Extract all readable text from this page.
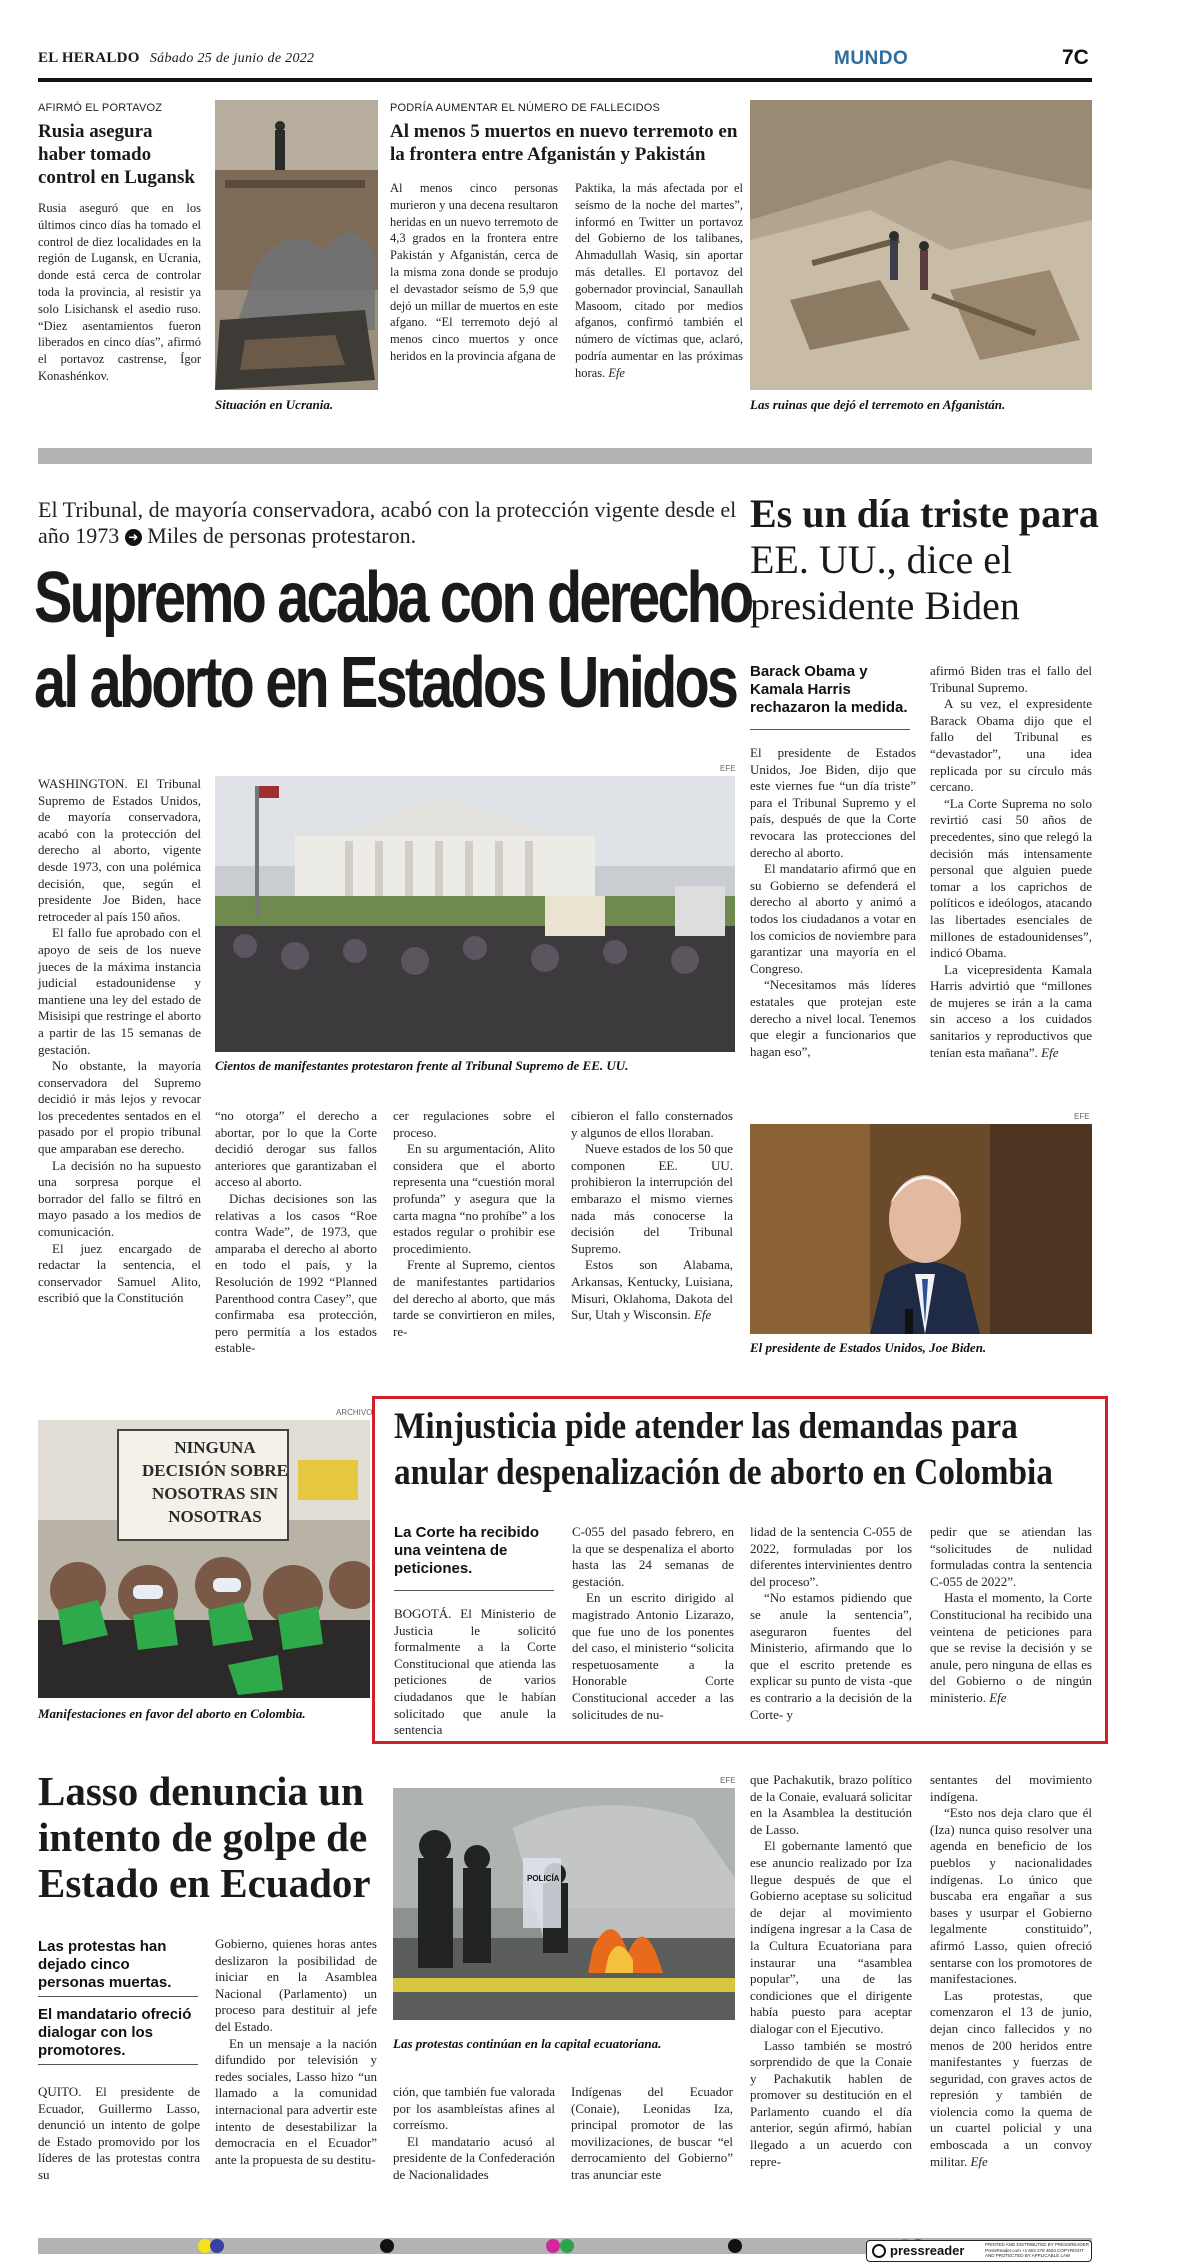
EL HERALDO Sábado 25 de junio de 2022	MUNDO	7C
AFIRMÓ EL PORTAVOZ
Rusia asegura haber tomado control en Lugansk
Rusia aseguró que en los últimos cinco días ha tomado el control de diez localidades en la región de Lugansk, en Ucrania, donde está cerca de controlar toda la provincia, al resistir ya solo Lisichansk el asedio ruso. “Diez asentamientos fueron liberados en cinco días”, afirmó el portavoz castrense, Ígor Konashénkov.
Situación en Ucrania.
PODRÍA AUMENTAR EL NÚMERO DE FALLECIDOS
Al menos 5 muertos en nuevo terremoto en la frontera entre Afganistán y Pakistán
Al menos cinco personas murieron y una decena resultaron heridas en un nuevo terremoto de 4,3 grados en la frontera entre Pakistán y Afganistán, cerca de la misma zona donde se produjo el devastador seísmo de 5,9 que dejó un millar de muertos en este afgano. “El terremoto dejó al menos cinco muertos y once heridos en la provincia afgana de
Paktika, la más afectada por el seísmo de la noche del martes”, informó en Twitter un portavoz del Gobierno de los talibanes, Ahmadullah Wasiq, sin aportar más detalles. El portavoz del gobernador provincial, Sanaullah Masoom, citado por medios afganos, confirmó también el número de víctimas que, aclaró, podría aumentar en las próximas horas. Efe
Las ruinas que dejó el terremoto en Afganistán.
El Tribunal, de mayoría conservadora, acabó con la protección vigente desde el año 1973 ➜ Miles de personas protestaron.
Supremo acaba con derecho
al aborto en Estados Unidos
EFE
Cientos de manifestantes protestaron frente al Tribunal Supremo de EE. UU.

WASHINGTON. El Tribunal Supremo de Estados Unidos, de mayoría conservadora, acabó con la protección del derecho al aborto, vigente desde 1973, con una polémica decisión, que, según el presidente Joe Biden, hace retroceder al país 150 años.

El fallo fue aprobado con el apoyo de seis de los nueve jueces de la máxima instancia judicial estadounidense y mantiene una ley del estado de Misisipi que restringe el aborto a partir de las 15 semanas de gestación.

No obstante, la mayoría conservadora del Supremo decidió ir más lejos y revocar los precedentes sentados en el pasado por el propio tribunal que amparaban ese derecho.

La decisión no ha supuesto una sorpresa porque el borrador del fallo se filtró en mayo pasado a los medios de comunicación.

El juez encargado de redactar la sentencia, el conservador Samuel Alito, escribió que la Constitución

“no otorga” el derecho a abortar, por lo que la Corte decidió derogar sus fallos anteriores que garantizaban el acceso al aborto.

Dichas decisiones son las relativas a los casos “Roe contra Wade”, de 1973, que amparaba el derecho al aborto en todo el país, y la Resolución de 1992 “Planned Parenthood contra Casey”, que confirmaba esa protección, pero permitía a los estados estable-

cer regulaciones sobre el proceso.

En su argumentación, Alito considera que el aborto representa una “cuestión moral profunda” y asegura que la carta magna “no prohíbe” a los estados regular o prohibir ese procedimiento.

Frente al Supremo, cientos de manifestantes partidarios del derecho al aborto, que más tarde se convirtieron en miles, re-

cibieron el fallo consternados y algunos de ellos lloraban.

Nueve estados de los 50 que componen EE. UU. prohibieron la interrupción del embarazo el mismo viernes nada más conocerse la decisión del Tribunal Supremo.

Estos son Alabama, Arkansas, Kentucky, Luisiana, Misuri, Oklahoma, Dakota del Sur, Utah y Wisconsin. Efe

Es un día triste para
EE. UU., dice el
presidente Biden
Barack Obama y Kamala Harris rechazaron la medida.

El presidente de Estados Unidos, Joe Biden, dijo que este viernes fue “un día triste” para el Tribunal Supremo y el país, después de que la Corte revocara las protecciones del derecho al aborto.

El mandatario afirmó que en su Gobierno se defenderá el derecho al aborto y animó a todos los ciudadanos a votar en los comicios de noviembre para garantizar una mayoría en el Congreso.

“Necesitamos más líderes estatales que protejan este derecho a nivel local. Tenemos que elegir a funcionarios que hagan eso”,

afirmó Biden tras el fallo del Tribunal Supremo.

A su vez, el expresidente Barack Obama dijo que el fallo del Tribunal es “devastador”, una idea replicada por su círculo más cercano.

“La Corte Suprema no solo revirtió casi 50 años de precedentes, sino que relegó la decisión más intensamente personal que alguien puede tomar a los caprichos de políticos e ideólogos, atacando las libertades esenciales de millones de estadounidenses”, indicó Obama.

La vicepresidenta Kamala Harris advirtió que “millones de mujeres se irán a la cama sin acceso a los cuidados sanitarios y reproductivos que tenían esta mañana”. Efe

EFE
El presidente de Estados Unidos, Joe Biden.
ARCHIVO
NINGUNA DECISIÓN SOBRE NOSOTRAS SIN NOSOTRAS
Manifestaciones en favor del aborto en Colombia.
Minjusticia pide atender las demandas para
anular despenalización de aborto en Colombia
La Corte ha recibido una veintena de peticiones.
BOGOTÁ. El Ministerio de Justicia le solicitó formalmente a la Corte Constitucional que atienda las peticiones de varios ciudadanos que le habían solicitado que anule la sentencia

C-055 del pasado febrero, en la que se despenaliza el aborto hasta las 24 semanas de gestación.

En un escrito dirigido al magistrado Antonio Lizarazo, que fue uno de los ponentes del caso, el ministerio “solicita respetuosamente a la Honorable Corte Constitucional acceder a las solicitudes de nu-

lidad de la sentencia C-055 de 2022, formuladas por los diferentes intervinientes dentro del proceso”.

“No estamos pidiendo que se anule la sentencia”, aseguraron fuentes del Ministerio, afirmando que lo que el escrito pretende es explicar su punto de vista -que es contrario a la decisión de la Corte- y

pedir que se atiendan las “solicitudes de nulidad formuladas contra la sentencia C-055 de 2022”.

Hasta el momento, la Corte Constitucional ha recibido una veintena de peticiones para que se revise la decisión y se anule, pero ninguna de ellas es del Gobierno o de ningún ministerio. Efe

Lasso denuncia un
intento de golpe de
Estado en Ecuador
Las protestas han dejado cinco personas muertas.
El mandatario ofreció dialogar con los promotores.
QUITO. El presidente de Ecuador, Guillermo Lasso, denunció un intento de golpe de Estado promovido por los líderes de las protestas contra su
EFE
POLICÍA
Las protestas continúan en la capital ecuatoriana.

Gobierno, quienes horas antes deslizaron la posibilidad de iniciar en la Asamblea Nacional (Parlamento) un proceso para destituir al jefe del Estado.

En un mensaje a la nación difundido por televisión y redes sociales, Lasso hizo “un llamado a la comunidad internacional para advertir este intento de desestabilizar la democracia en el Ecuador” ante la propuesta de su destitu-

ción, que también fue valorada por los asambleístas afines al correísmo.

El mandatario acusó al presidente de la Confederación de Nacionalidades

Indígenas del Ecuador (Conaie), Leonidas Iza, principal promotor de las movilizaciones, de buscar “el derrocamiento del Gobierno” tras anunciar este

que Pachakutik, brazo político de la Conaie, evaluará solicitar en la Asamblea la destitución de Lasso.

El gobernante lamentó que ese anuncio realizado por Iza llegue después de que el Gobierno aceptase su solicitud de dejar al movimiento indígena ingresar a la Casa de la Cultura Ecuatoriana para instaurar una “asamblea popular”, una de las condiciones que el dirigente había puesto para aceptar dialogar con el Ejecutivo.

Lasso también se mostró sorprendido de que la Conaie y Pachakutik hablen de promover su destitución en el Parlamento cuando el día anterior, según afirmó, habían llegado a un acuerdo con repre-

sentantes del movimiento indígena.

“Esto nos deja claro que él (Iza) nunca quiso resolver una agenda en beneficio de los pueblos y nacionalidades indígenas. Lo único que buscaba era engañar a sus bases y usurpar el Gobierno legalmente constituido”, afirmó Lasso, quien ofreció sentarse con los promotores de manifestaciones.

Las protestas, que comenzaron el 13 de junio, dejan cinco fallecidos y no menos de 200 heridos entre manifestantes y fuerzas de seguridad, con graves actos de represión y también de violencia como la quema de un cuartel policial y una emboscada a un convoy militar. Efe

pressreader	PRINTED AND DISTRIBUTED BY PRESSREADER PressReader.com +1 604 278 4604 COPYRIGHT AND PROTECTED BY APPLICABLE LAW
